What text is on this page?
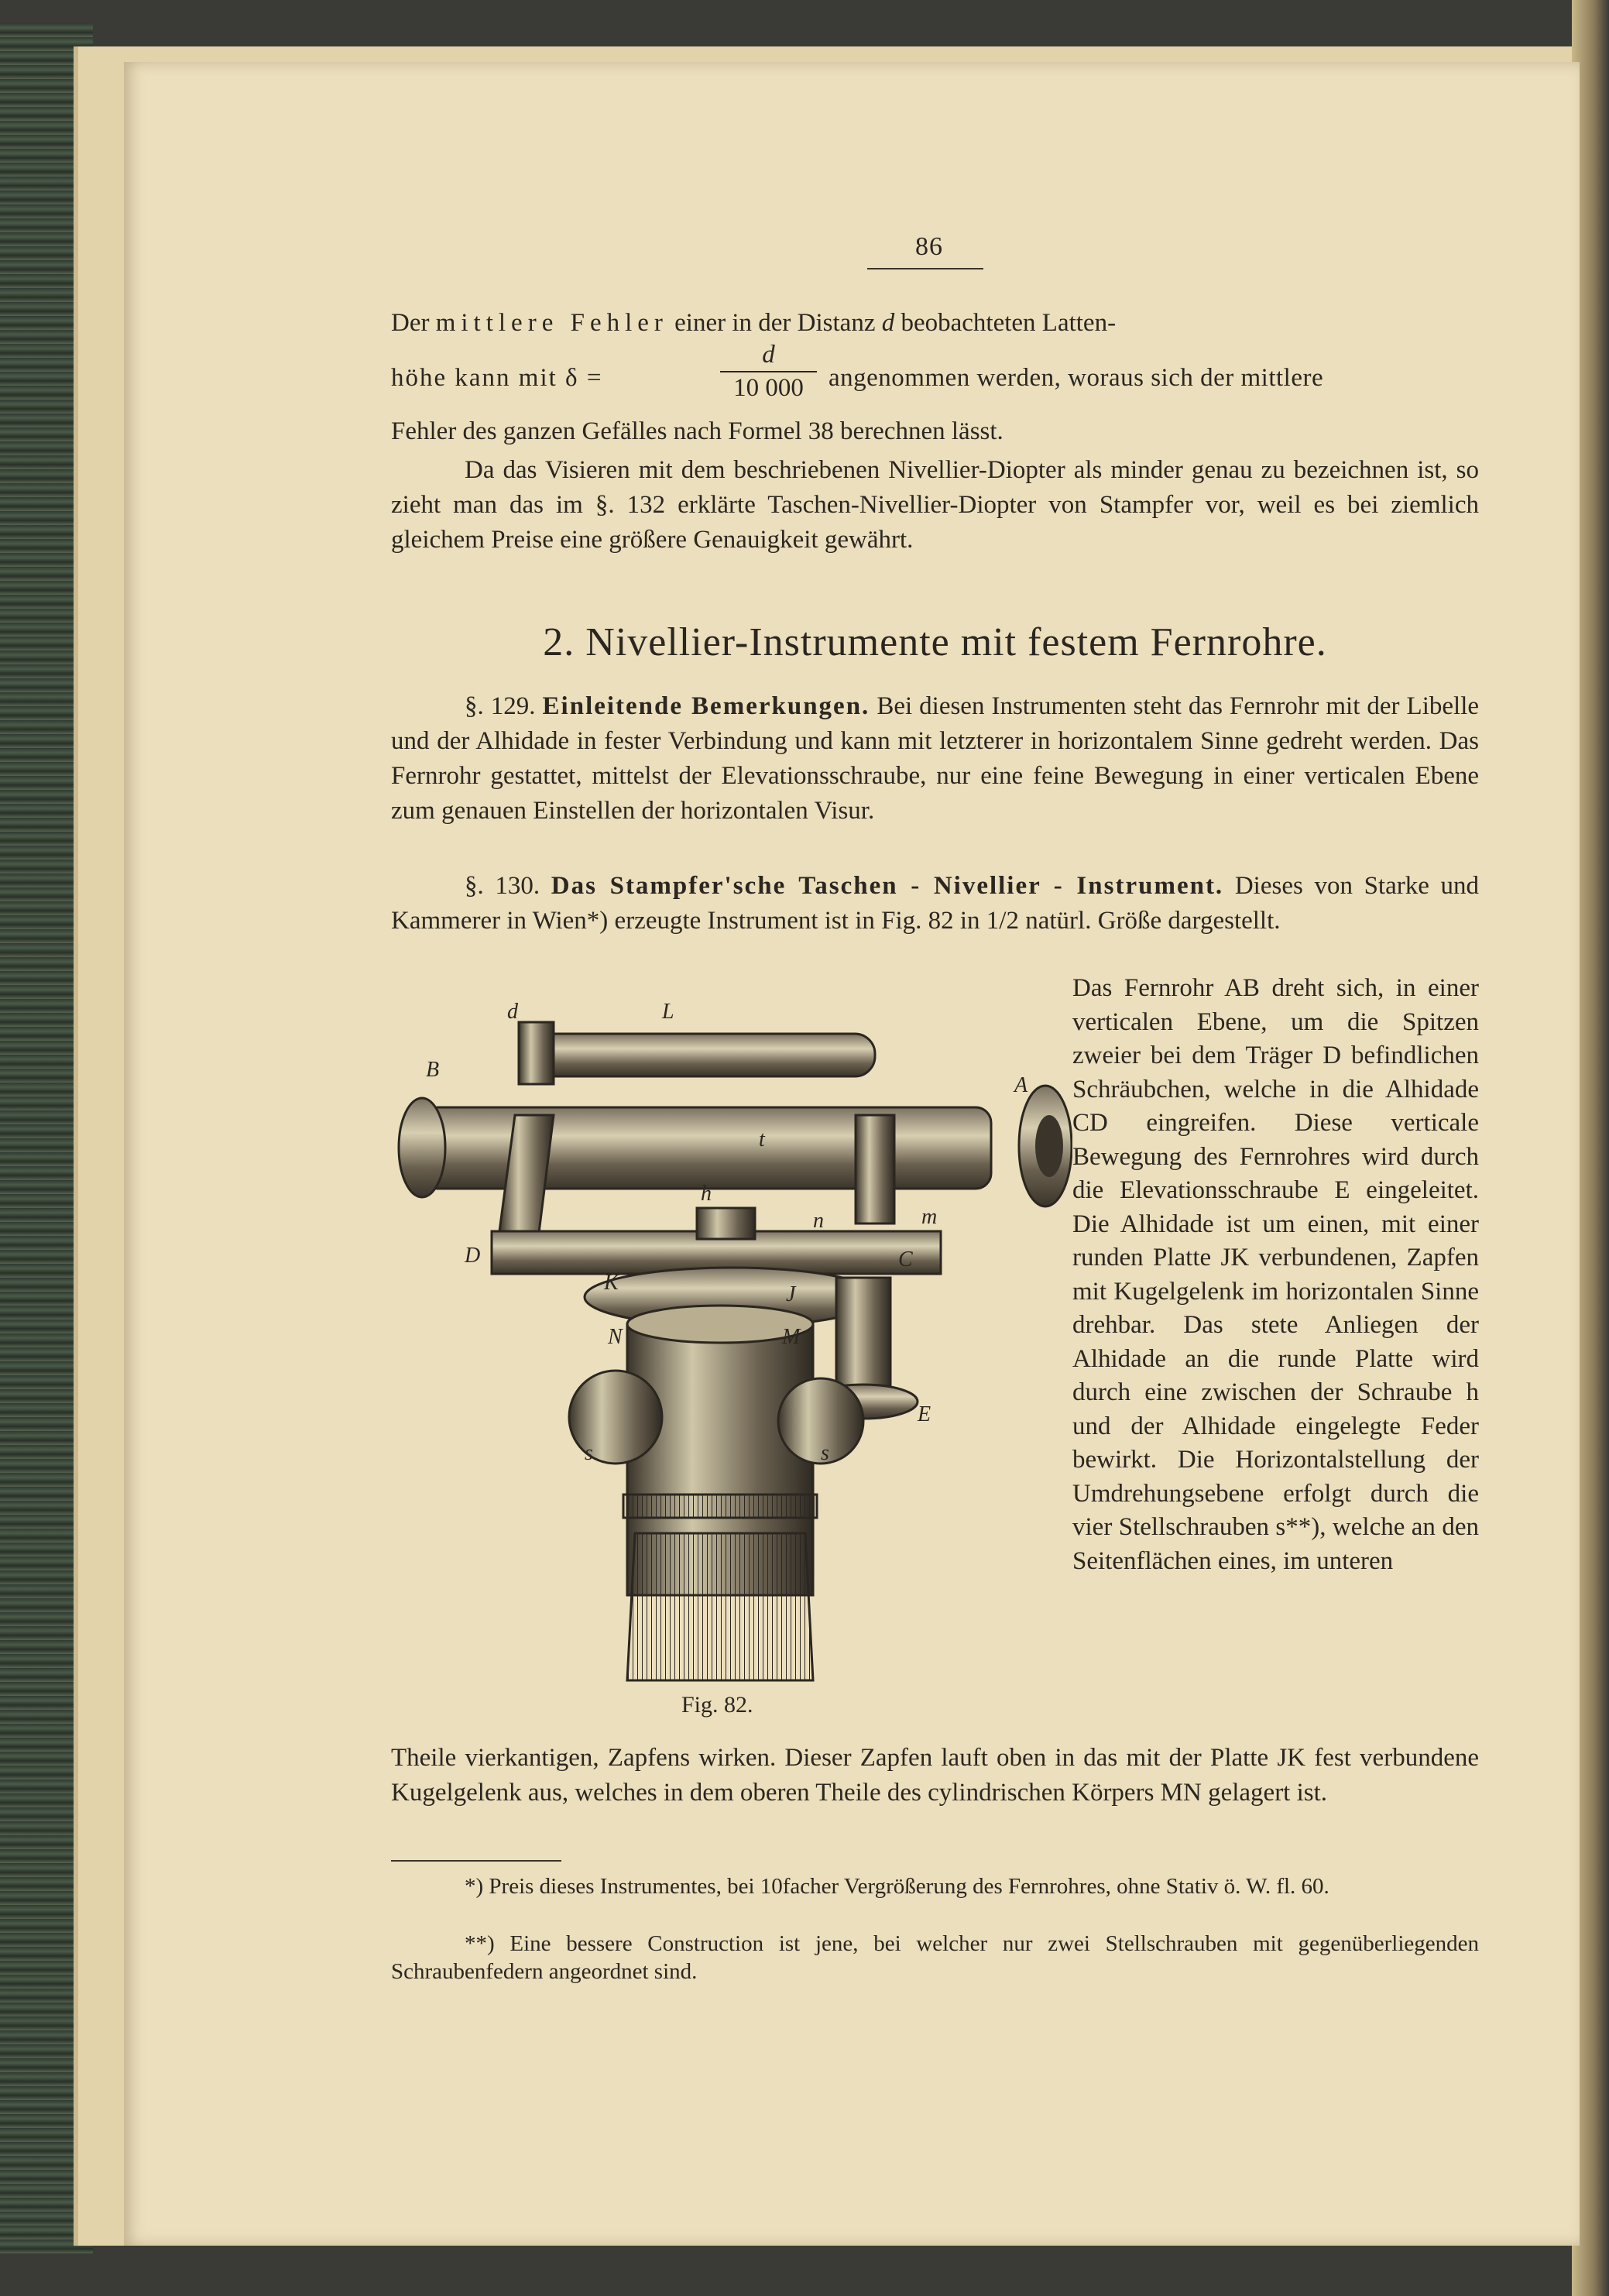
86
Der mittlere Fehler einer in der Distanz d beobachteten Latten-
höhe kann mit δ =
d
10 000 angenommen werden, woraus sich der mittlere
Fehler des ganzen Gefälles nach Formel 38 berechnen lässt.
Da das Visieren mit dem beschriebenen Nivellier-Diopter als minder genau zu bezeichnen ist, so zieht man das im §. 132 erklärte Taschen-Nivellier-Diopter von Stampfer vor, weil es bei ziemlich gleichem Preise eine größere Genauigkeit gewährt.
2. Nivellier-Instrumente mit festem Fernrohre.
§. 129. Einleitende Bemerkungen. Bei diesen Instrumenten steht das Fernrohr mit der Libelle und der Alhidade in fester Verbindung und kann mit letzterer in horizontalem Sinne gedreht werden. Das Fernrohr gestattet, mittelst der Elevationsschraube, nur eine feine Bewegung in einer verticalen Ebene zum genauen Einstellen der horizontalen Visur.
§. 130. Das Stampfer'sche Taschen - Nivellier - Instrument. Dieses von Starke und Kammerer in Wien*) erzeugte Instrument ist in Fig. 82 in 1/2 natürl. Größe dargestellt.
d	L
B
A
t
h
m
n
D	C
K	J
N	M
E
s	s
Fig. 82.
Das Fernrohr AB dreht sich, in einer verticalen Ebene, um die Spitzen zweier bei dem Träger D befindlichen Schräubchen, welche in die Alhidade CD eingreifen. Diese verticale Bewegung des Fernrohres wird durch die Elevationsschraube E eingeleitet. Die Alhidade ist um einen, mit einer runden Platte JK verbundenen, Zapfen mit Kugelgelenk im horizontalen Sinne drehbar. Das stete Anliegen der Alhidade an die runde Platte wird durch eine zwischen der Schraube h und der Alhidade eingelegte Feder bewirkt. Die Horizontalstellung der Umdrehungsebene erfolgt durch die vier Stellschrauben s**), welche an den Seitenflächen eines, im unteren
Theile vierkantigen, Zapfens wirken. Dieser Zapfen lauft oben in das mit der Platte JK fest verbundene Kugelgelenk aus, welches in dem oberen Theile des cylindrischen Körpers MN gelagert ist.
*) Preis dieses Instrumentes, bei 10facher Vergrößerung des Fernrohres, ohne Stativ ö. W. fl. 60.
**) Eine bessere Construction ist jene, bei welcher nur zwei Stellschrauben mit gegenüberliegenden Schraubenfedern angeordnet sind.
